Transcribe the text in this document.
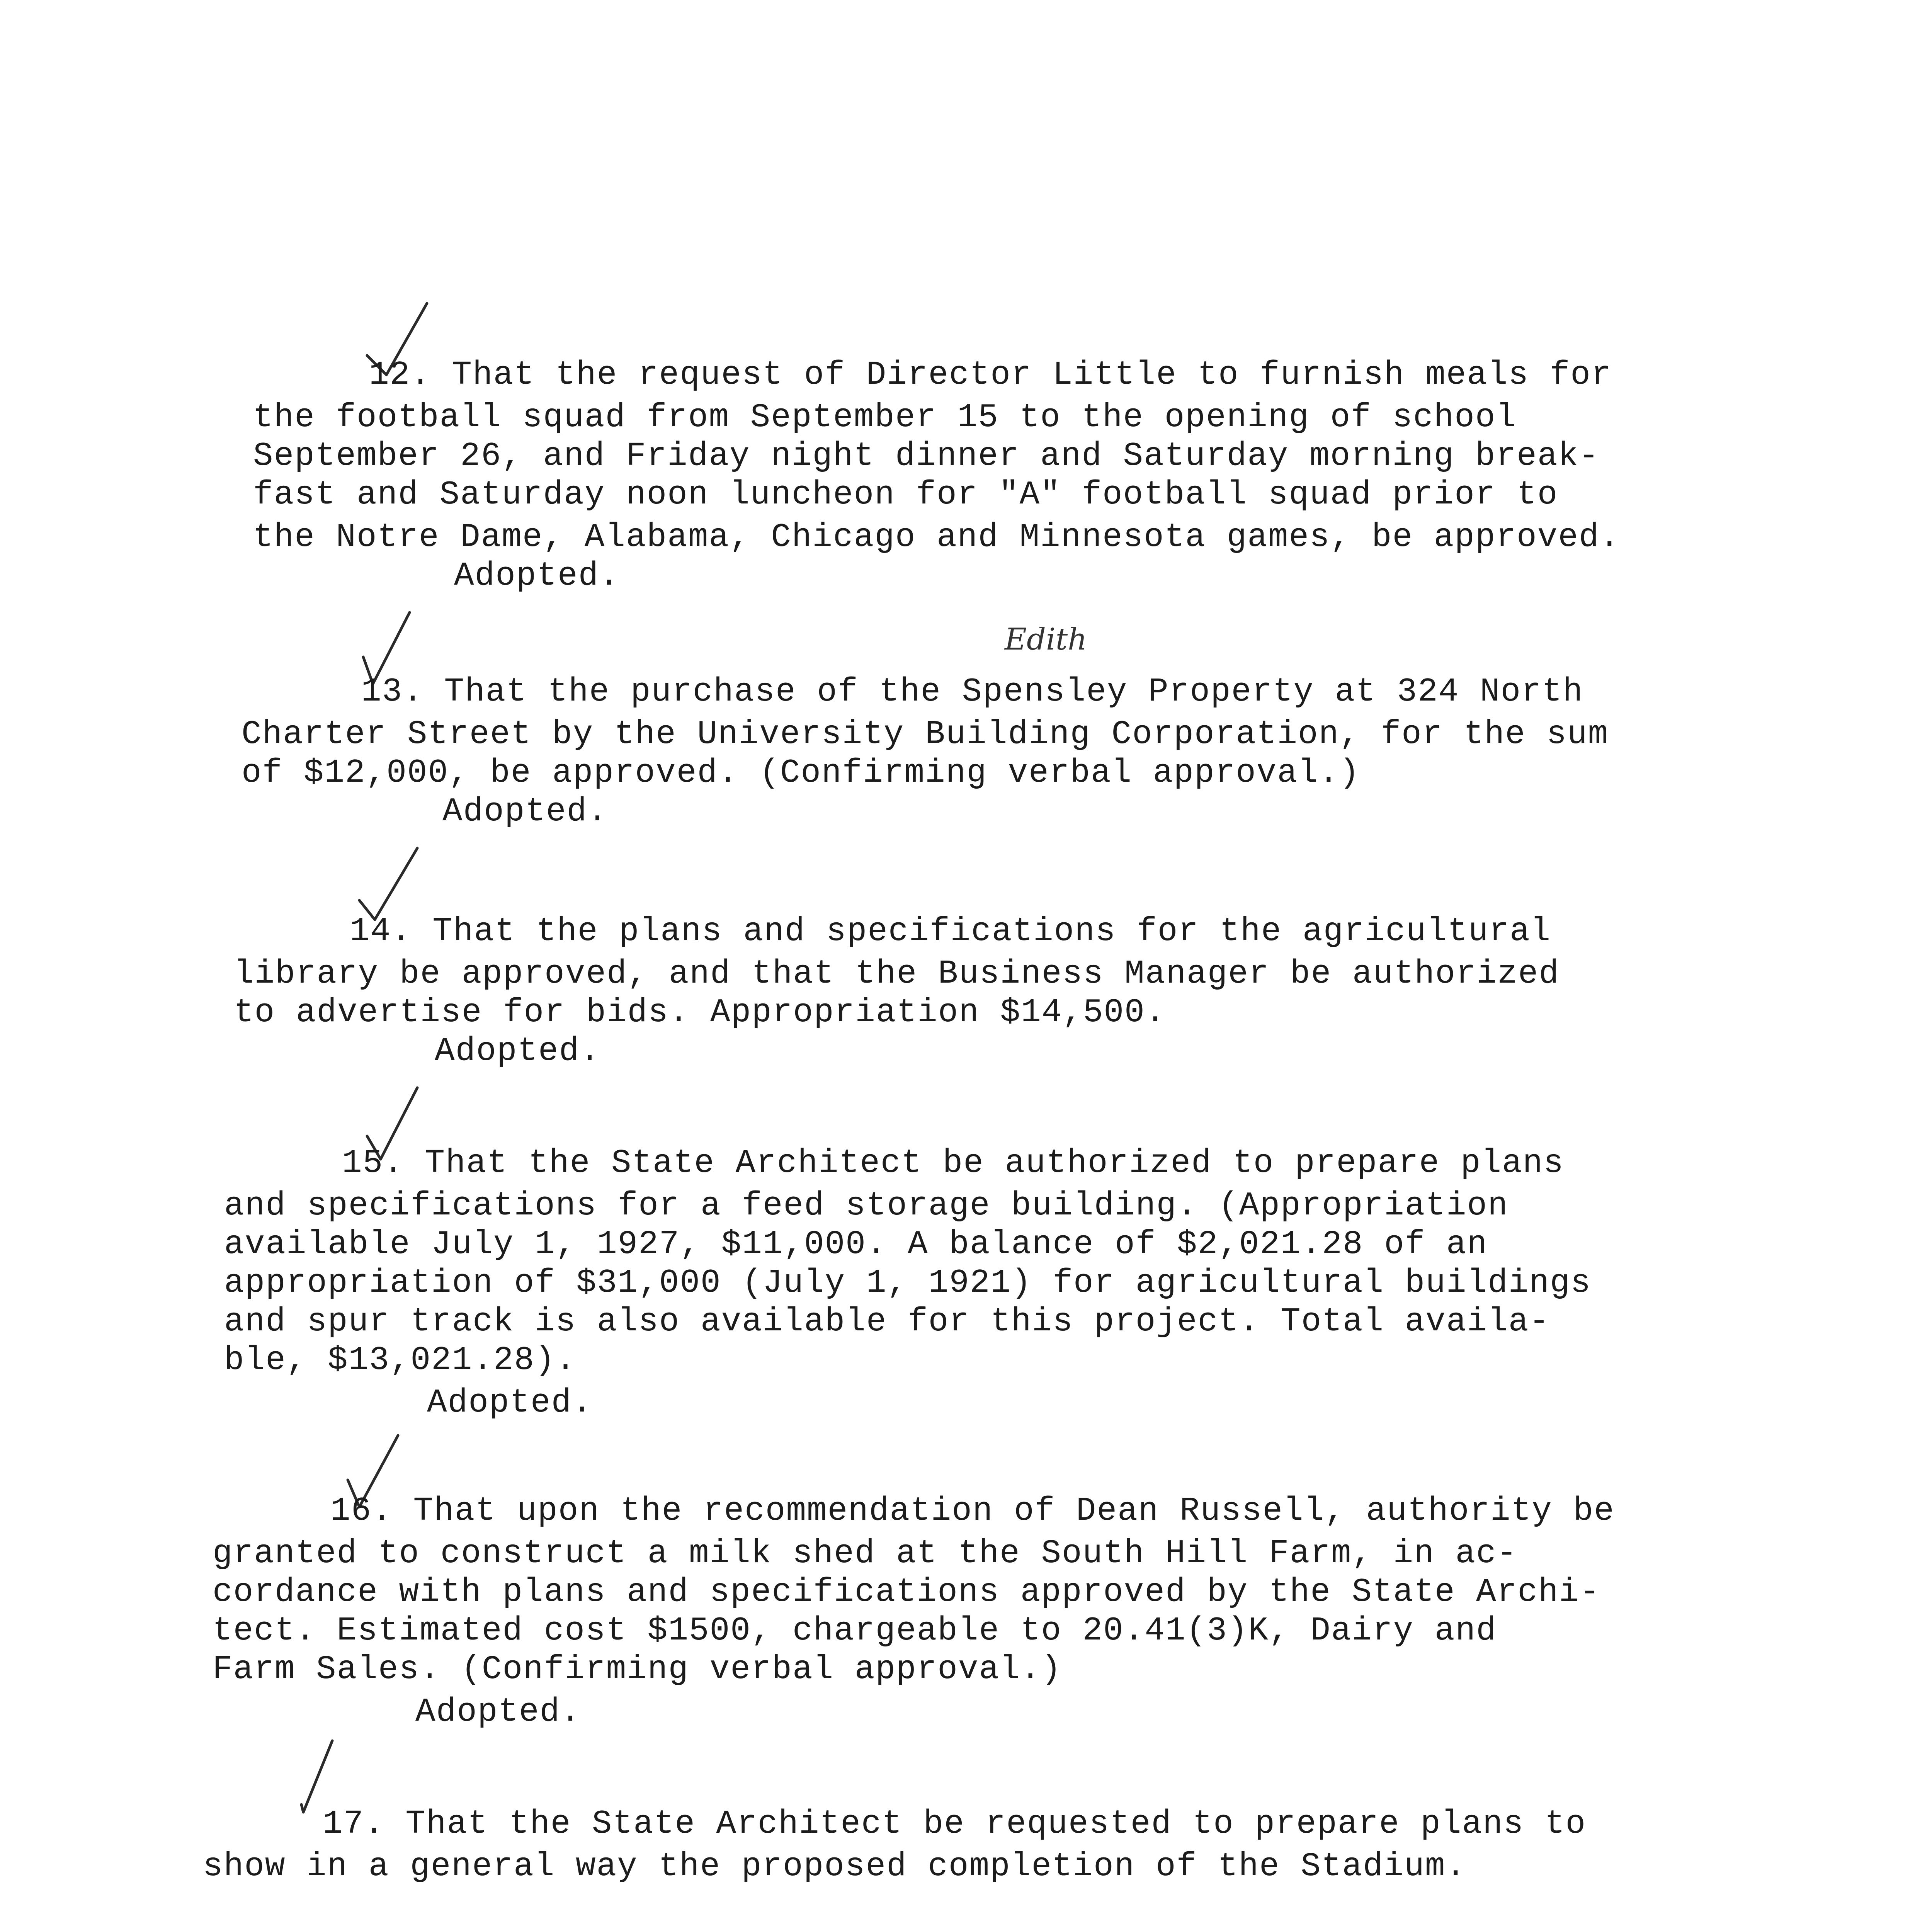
12. That the request of Director Little to furnish meals for
the football squad from September 15 to the opening of school
September 26, and Friday night dinner and Saturday morning break-
fast and Saturday noon luncheon for "A" football squad prior to
the Notre Dame, Alabama, Chicago and Minnesota games, be approved.
Adopted.
Edith
13. That the purchase of the Spensley Property at 324 North
Charter Street by the University Building Corporation, for the sum
of $12,000, be approved. (Confirming verbal approval.)
Adopted.
14. That the plans and specifications for the agricultural
library be approved, and that the Business Manager be authorized
to advertise for bids. Appropriation $14,500.
Adopted.
15. That the State Architect be authorized to prepare plans
and specifications for a feed storage building. (Appropriation
available July 1, 1927, $11,000. A balance of $2,021.28 of an
appropriation of $31,000 (July 1, 1921) for agricultural buildings
and spur track is also available for this project. Total availa-
ble, $13,021.28).
Adopted.
16. That upon the recommendation of Dean Russell, authority be
granted to construct a milk shed at the South Hill Farm, in ac-
cordance with plans and specifications approved by the State Archi-
tect. Estimated cost $1500, chargeable to 20.41(3)K, Dairy and
Farm Sales. (Confirming verbal approval.)
Adopted.
17. That the State Architect be requested to prepare plans to
show in a general way the proposed completion of the Stadium.
